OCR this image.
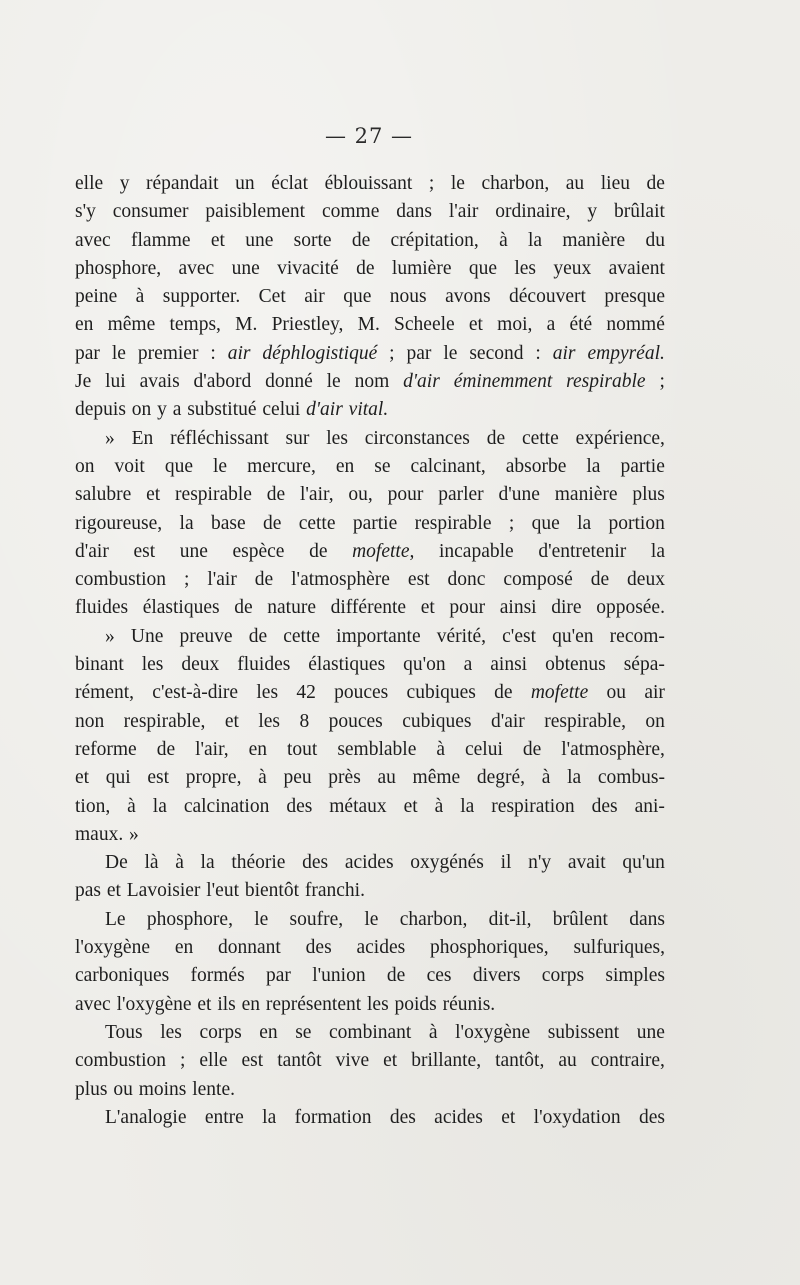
— 27 —
elle y répandait un éclat éblouissant ; le charbon, au lieu de
s'y consumer paisiblement comme dans l'air ordinaire, y brûlait
avec flamme et une sorte de crépitation, à la manière du
phosphore, avec une vivacité de lumière que les yeux avaient
peine à supporter. Cet air que nous avons découvert presque
en même temps, M. Priestley, M. Scheele et moi, a été nommé
par le premier : air déphlogistiqué ; par le second : air empyréal.
Je lui avais d'abord donné le nom d'air éminemment respirable ;
depuis on y a substitué celui d'air vital.
» En réfléchissant sur les circonstances de cette expérience,
on voit que le mercure, en se calcinant, absorbe la partie
salubre et respirable de l'air, ou, pour parler d'une manière plus
rigoureuse, la base de cette partie respirable ; que la portion
d'air est une espèce de mofette, incapable d'entretenir la
combustion ; l'air de l'atmosphère est donc composé de deux
fluides élastiques de nature différente et pour ainsi dire opposée.
» Une preuve de cette importante vérité, c'est qu'en recom-
binant les deux fluides élastiques qu'on a ainsi obtenus sépa-
rément, c'est-à-dire les 42 pouces cubiques de mofette ou air
non respirable, et les 8 pouces cubiques d'air respirable, on
reforme de l'air, en tout semblable à celui de l'atmosphère,
et qui est propre, à peu près au même degré, à la combus-
tion, à la calcination des métaux et à la respiration des ani-
maux. »
De là à la théorie des acides oxygénés il n'y avait qu'un
pas et Lavoisier l'eut bientôt franchi.
Le phosphore, le soufre, le charbon, dit-il, brûlent dans
l'oxygène en donnant des acides phosphoriques, sulfuriques,
carboniques formés par l'union de ces divers corps simples
avec l'oxygène et ils en représentent les poids réunis.
Tous les corps en se combinant à l'oxygène subissent une
combustion ; elle est tantôt vive et brillante, tantôt, au contraire,
plus ou moins lente.
L'analogie entre la formation des acides et l'oxydation des
